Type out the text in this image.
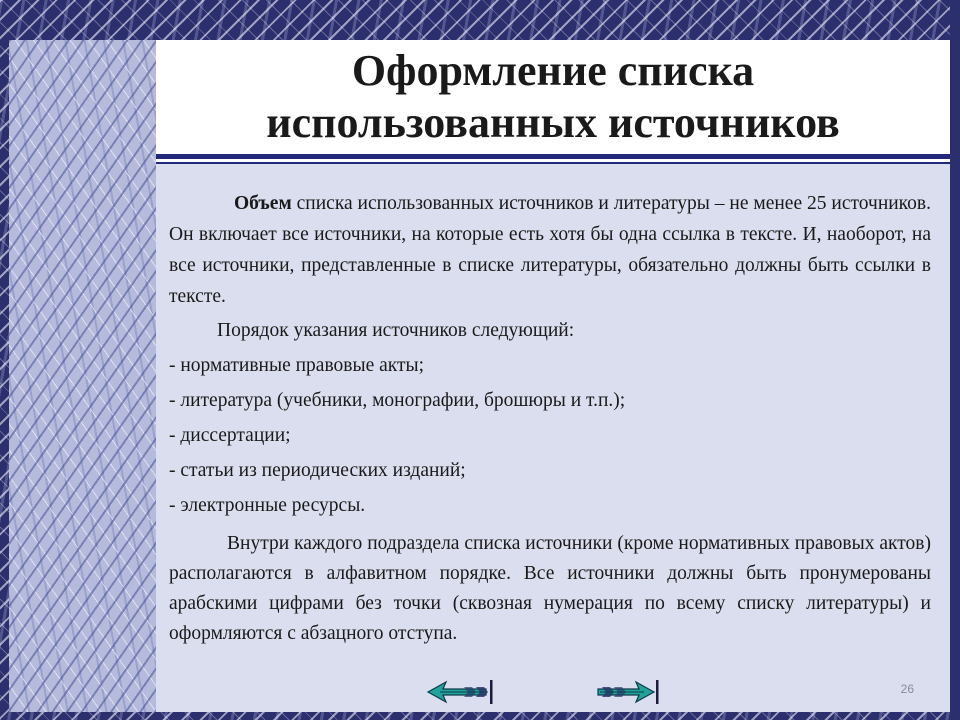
Оформление списка
использованных источников

Объем списка использованных источников и литературы – не менее 25 источников. Он включает все источники, на которые есть хотя бы одна ссылка в тексте. И, наоборот, на все источники, представленные в списке литературы, обязательно должны быть ссылки в тексте.

Порядок указания источников следующий:

- нормативные правовые акты;
- литература (учебники, монографии, брошюры и т.п.);
- диссертации;
- статьи из периодических изданий;
- электронные ресурсы.

Внутри каждого подраздела списка источники (кроме нормативных правовых актов) располагаются в алфавитном порядке. Все источники должны быть пронумерованы арабскими цифрами без точки (сквозная нумерация по всему списку литературы) и оформляются с абзацного отступа.

26
